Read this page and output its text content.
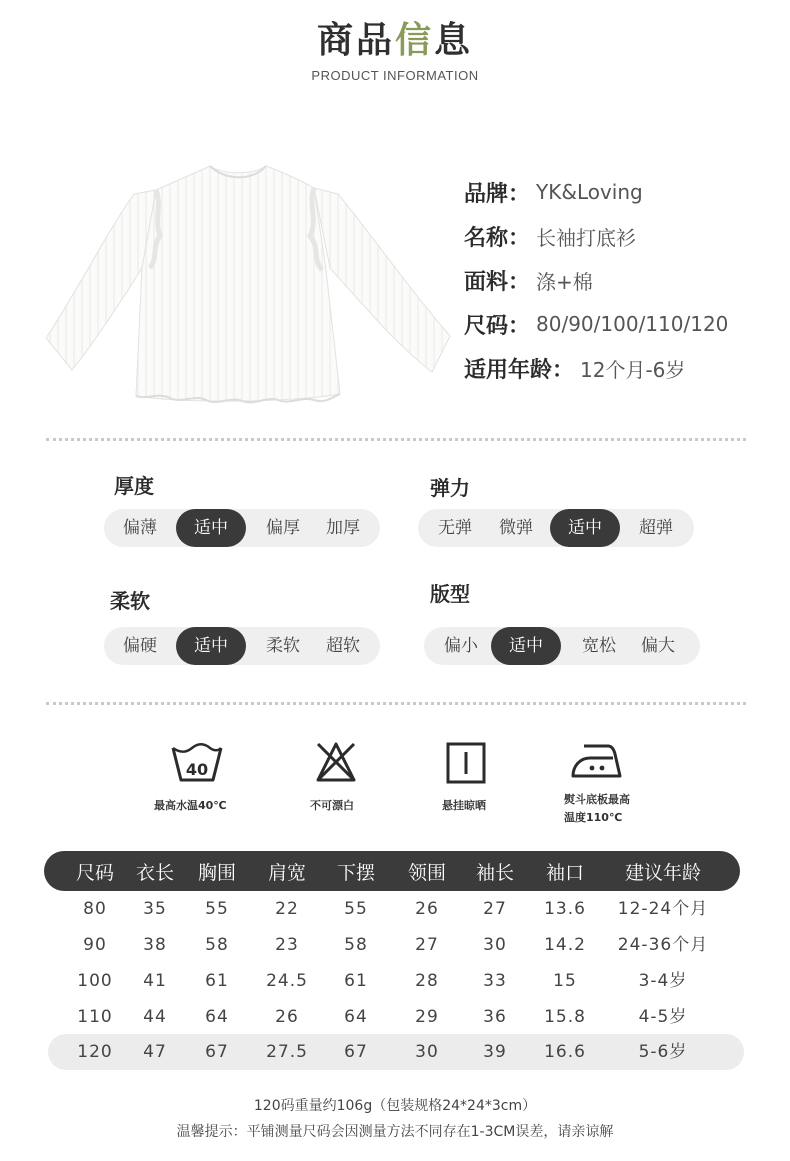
商品信息
PRODUCT INFORMATION
品牌： YK&Loving
名称： 长袖打底衫
面料： 涤+棉
尺码： 80/90/100/110/120
适用年龄： 12个月-6岁
厚度
偏薄	适中	偏厚	加厚
弹力
无弹	微弹	适中	超弹
柔软
偏硬	适中	柔软	超软
版型
偏小	适中	宽松	偏大
40
最高水温40℃	不可漂白	悬挂晾晒	熨斗底板最高
温度110℃
尺码 衣长 胸围 肩宽 下摆 领围 袖长 袖口 建议年龄
80 35 55	22	55	26	27 13.6 12-24个月
90 38 58	23	58	27	30 14.2 24-36个月
100 41 61 24.5 61	28	33	15	3-4岁
110 44 64	26	64	29	36 15.8	4-5岁
120 47 67 27.5 67	30	39 16.6	5-6岁
120码重量约106g（包装规格24*24*3cm）
温馨提示：平铺测量尺码会因测量方法不同存在1-3CM误差，请亲谅解
